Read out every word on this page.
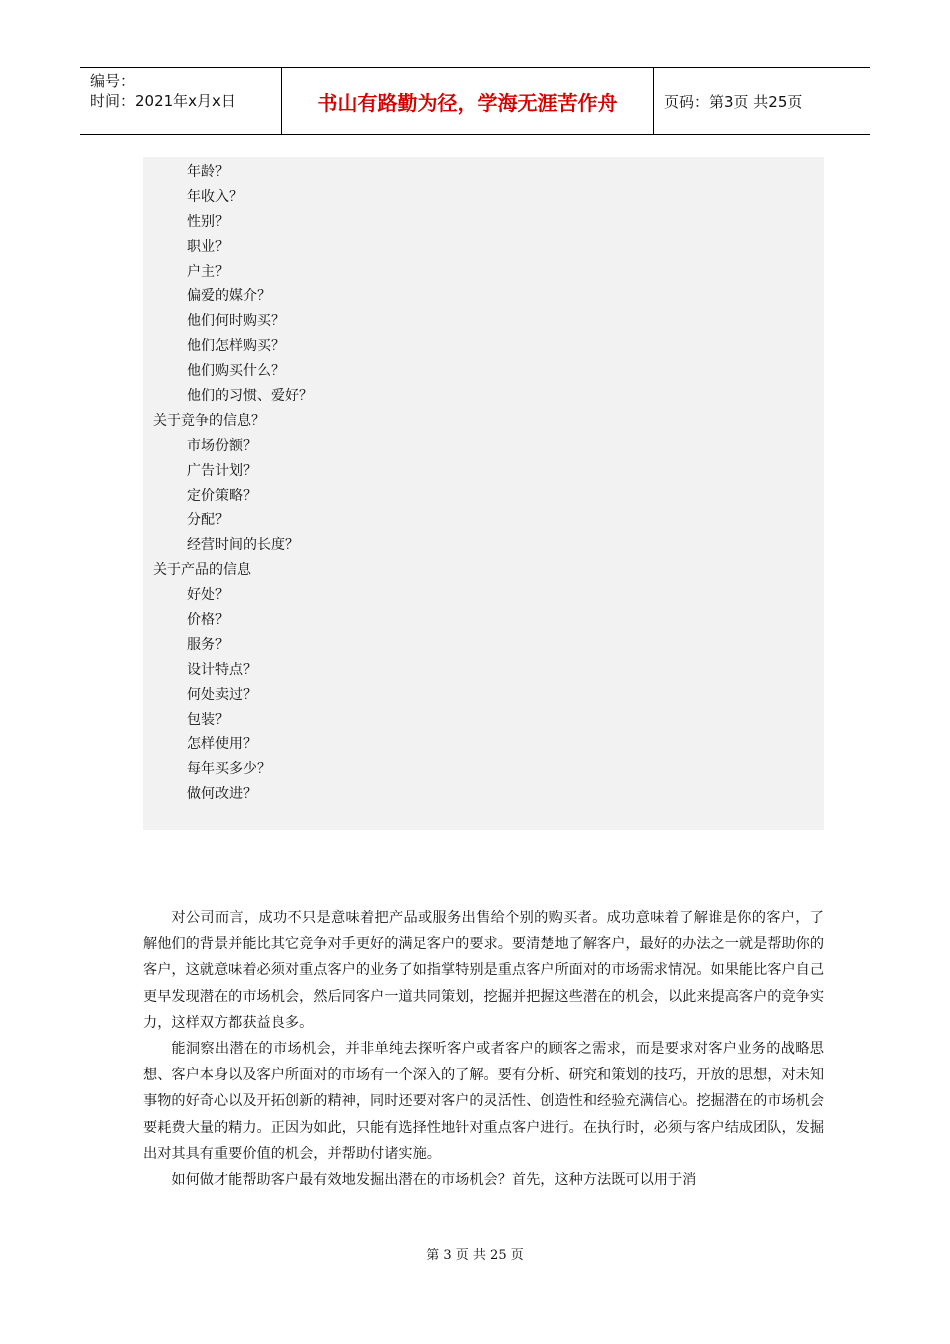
编号：
时间：2021年x月x日	书山有路勤为径，学海无涯苦作舟	页码：第3页 共25页
年龄？
年收入？
性别？
职业？
户主？
偏爱的媒介？
他们何时购买？
他们怎样购买？
他们购买什么？
他们的习惯、爱好？
关于竞争的信息？
市场份额？
广告计划？
定价策略？
分配？
经营时间的长度？
关于产品的信息
好处？
价格？
服务？
设计特点？
何处卖过？
包装？
怎样使用？
每年买多少？
做何改进？

对公司而言，成功不只是意味着把产品或服务出售给个别的购买者。成功意味着了解谁是你的客户，了解他们的背景并能比其它竞争对手更好的满足客户的要求。要清楚地了解客户，最好的办法之一就是帮助你的客户，这就意味着必须对重点客户的业务了如指掌特别是重点客户所面对的市场需求情况。如果能比客户自己更早发现潜在的市场机会，然后同客户一道共同策划，挖掘并把握这些潜在的机会，以此来提高客户的竞争实力，这样双方都获益良多。

能洞察出潜在的市场机会，并非单纯去探听客户或者客户的顾客之需求，而是要求对客户业务的战略思想、客户本身以及客户所面对的市场有一个深入的了解。要有分析、研究和策划的技巧，开放的思想，对未知事物的好奇心以及开拓创新的精神，同时还要对客户的灵活性、创造性和经验充满信心。挖掘潜在的市场机会要耗费大量的精力。正因为如此，只能有选择性地针对重点客户进行。在执行时，必须与客户结成团队，发掘出对其具有重要价值的机会，并帮助付诸实施。

如何做才能帮助客户最有效地发掘出潜在的市场机会？首先，这种方法既可以用于消

第 3 页 共 25 页
